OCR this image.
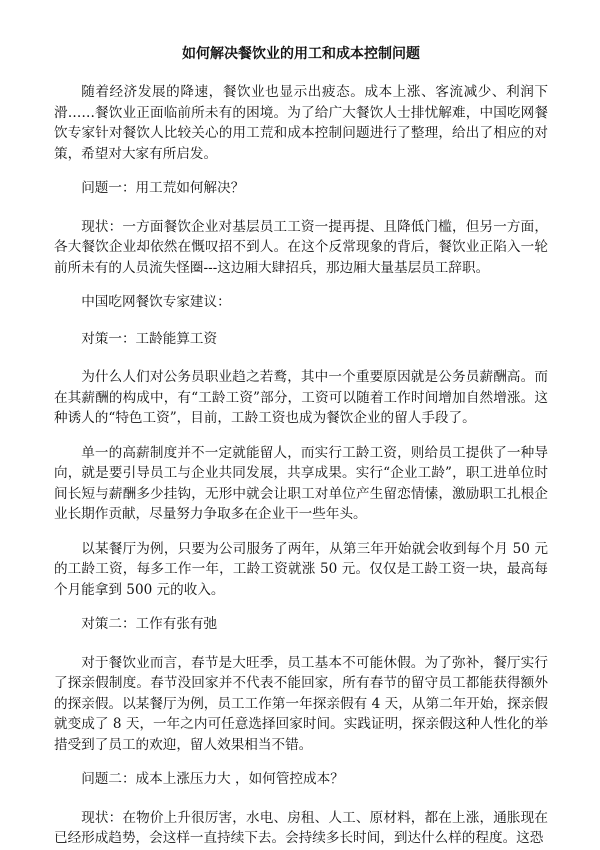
如何解决餐饮业的用工和成本控制问题

随着经济发展的降速，餐饮业也显示出疲态。成本上涨、客流减少、利润下滑……餐饮业正面临前所未有的困境。为了给广大餐饮人士排忧解难，中国吃网餐饮专家针对餐饮人比较关心的用工荒和成本控制问题进行了整理，给出了相应的对策，希望对大家有所启发。

问题一：用工荒如何解决？

现状：一方面餐饮企业对基层员工工资一提再提、且降低门槛，但另一方面，各大餐饮企业却依然在慨叹招不到人。在这个反常现象的背后，餐饮业正陷入一轮前所未有的人员流失怪圈---这边厢大肆招兵，那边厢大量基层员工辞职。

中国吃网餐饮专家建议：

对策一：工龄能算工资

为什么人们对公务员职业趋之若鹜，其中一个重要原因就是公务员薪酬高。而在其薪酬的构成中，有“工龄工资”部分，工资可以随着工作时间增加自然增涨。这种诱人的“特色工资”，目前，工龄工资也成为餐饮企业的留人手段了。

单一的高薪制度并不一定就能留人，而实行工龄工资，则给员工提供了一种导向，就是要引导员工与企业共同发展，共享成果。实行“企业工龄”，职工进单位时间长短与薪酬多少挂钩，无形中就会让职工对单位产生留恋情愫，激励职工扎根企业长期作贡献，尽量努力争取多在企业干一些年头。

以某餐厅为例，只要为公司服务了两年，从第三年开始就会收到每个月 50 元的工龄工资，每多工作一年，工龄工资就涨 50 元。仅仅是工龄工资一块，最高每个月能拿到 500 元的收入。

对策二：工作有张有弛

对于餐饮业而言，春节是大旺季，员工基本不可能休假。为了弥补，餐厅实行了探亲假制度。春节没回家并不代表不能回家，所有春节的留守员工都能获得额外的探亲假。以某餐厅为例，员工工作第一年探亲假有 4 天，从第二年开始，探亲假就变成了 8 天，一年之内可任意选择回家时间。实践证明，探亲假这种人性化的举措受到了员工的欢迎，留人效果相当不错。

问题二：成本上涨压力大 ，如何管控成本？

现状：在物价上升很厉害，水电、房租、人工、原材料，都在上涨，通胀现在已经形成趋势，会这样一直持续下去。会持续多长时间，到达什么样的程度。这恐
